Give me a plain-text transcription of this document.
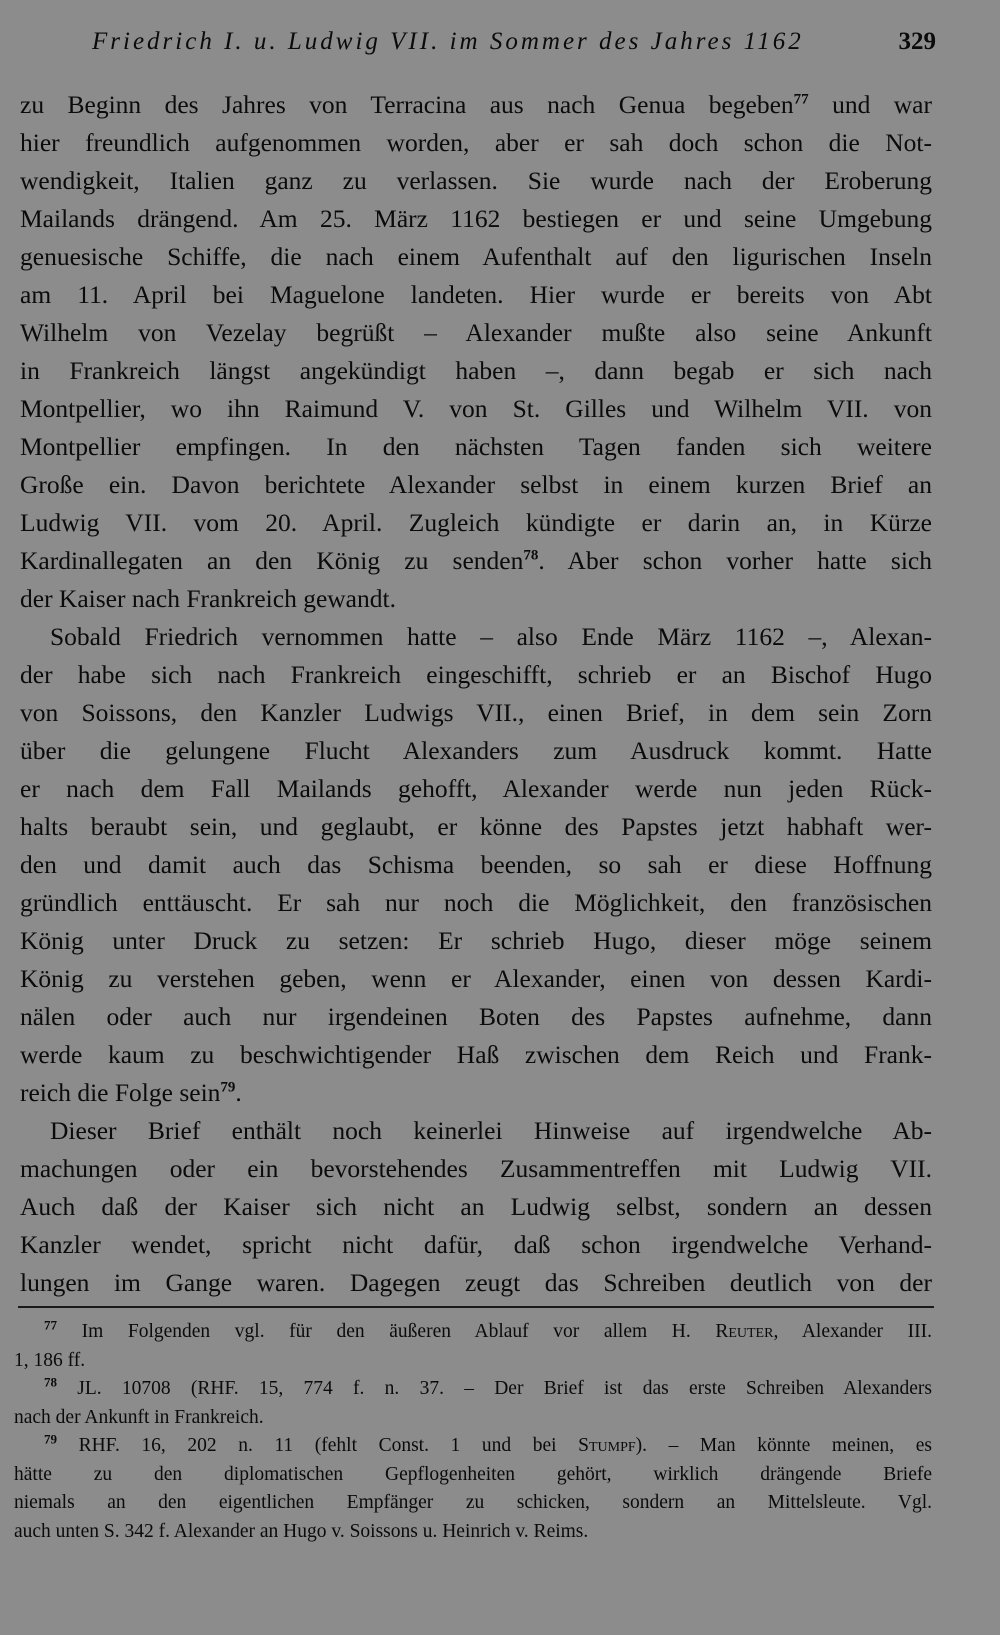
Friedrich I. u. Ludwig VII. im Sommer des Jahres 1162	329
zu Beginn des Jahres von Terracina aus nach Genua begeben$^{77}$ und war
hier freundlich aufgenommen worden, aber er sah doch schon die Not-
wendigkeit, Italien ganz zu verlassen. Sie wurde nach der Eroberung
Mailands drängend. Am 25. März 1162 bestiegen er und seine Umgebung
genuesische Schiffe, die nach einem Aufenthalt auf den ligurischen Inseln
am 11. April bei Maguelone landeten. Hier wurde er bereits von Abt
Wilhelm von Vezelay begrüßt – Alexander mußte also seine Ankunft
in Frankreich längst angekündigt haben –, dann begab er sich nach
Montpellier, wo ihn Raimund V. von St. Gilles und Wilhelm VII. von
Montpellier empfingen. In den nächsten Tagen fanden sich weitere
Große ein. Davon berichtete Alexander selbst in einem kurzen Brief an
Ludwig VII. vom 20. April. Zugleich kündigte er darin an, in Kürze
Kardinallegaten an den König zu senden$^{78}$. Aber schon vorher hatte sich
der Kaiser nach Frankreich gewandt.
Sobald Friedrich vernommen hatte – also Ende März 1162 –, Alexan-
der habe sich nach Frankreich eingeschifft, schrieb er an Bischof Hugo
von Soissons, den Kanzler Ludwigs VII., einen Brief, in dem sein Zorn
über die gelungene Flucht Alexanders zum Ausdruck kommt. Hatte
er nach dem Fall Mailands gehofft, Alexander werde nun jeden Rück-
halts beraubt sein, und geglaubt, er könne des Papstes jetzt habhaft wer-
den und damit auch das Schisma beenden, so sah er diese Hoffnung
gründlich enttäuscht. Er sah nur noch die Möglichkeit, den französischen
König unter Druck zu setzen: Er schrieb Hugo, dieser möge seinem
König zu verstehen geben, wenn er Alexander, einen von dessen Kardi-
nälen oder auch nur irgendeinen Boten des Papstes aufnehme, dann
werde kaum zu beschwichtigender Haß zwischen dem Reich und Frank-
reich die Folge sein$^{79}$.
Dieser Brief enthält noch keinerlei Hinweise auf irgendwelche Ab-
machungen oder ein bevorstehendes Zusammentreffen mit Ludwig VII.
Auch daß der Kaiser sich nicht an Ludwig selbst, sondern an dessen
Kanzler wendet, spricht nicht dafür, daß schon irgendwelche Verhand-
lungen im Gange waren. Dagegen zeugt das Schreiben deutlich von der
$^{77}$ Im Folgenden vgl. für den äußeren Ablauf vor allem H. Reuter, Alexander III.
1, 186 ff.
$^{78}$ JL. 10708 (RHF. 15, 774 f. n. 37. – Der Brief ist das erste Schreiben Alexanders
nach der Ankunft in Frankreich.
$^{79}$ RHF. 16, 202 n. 11 (fehlt Const. 1 und bei Stumpf). – Man könnte meinen, es
hätte zu den diplomatischen Gepflogenheiten gehört, wirklich drängende Briefe
niemals an den eigentlichen Empfänger zu schicken, sondern an Mittelsleute. Vgl.
auch unten S. 342 f. Alexander an Hugo v. Soissons u. Heinrich v. Reims.
